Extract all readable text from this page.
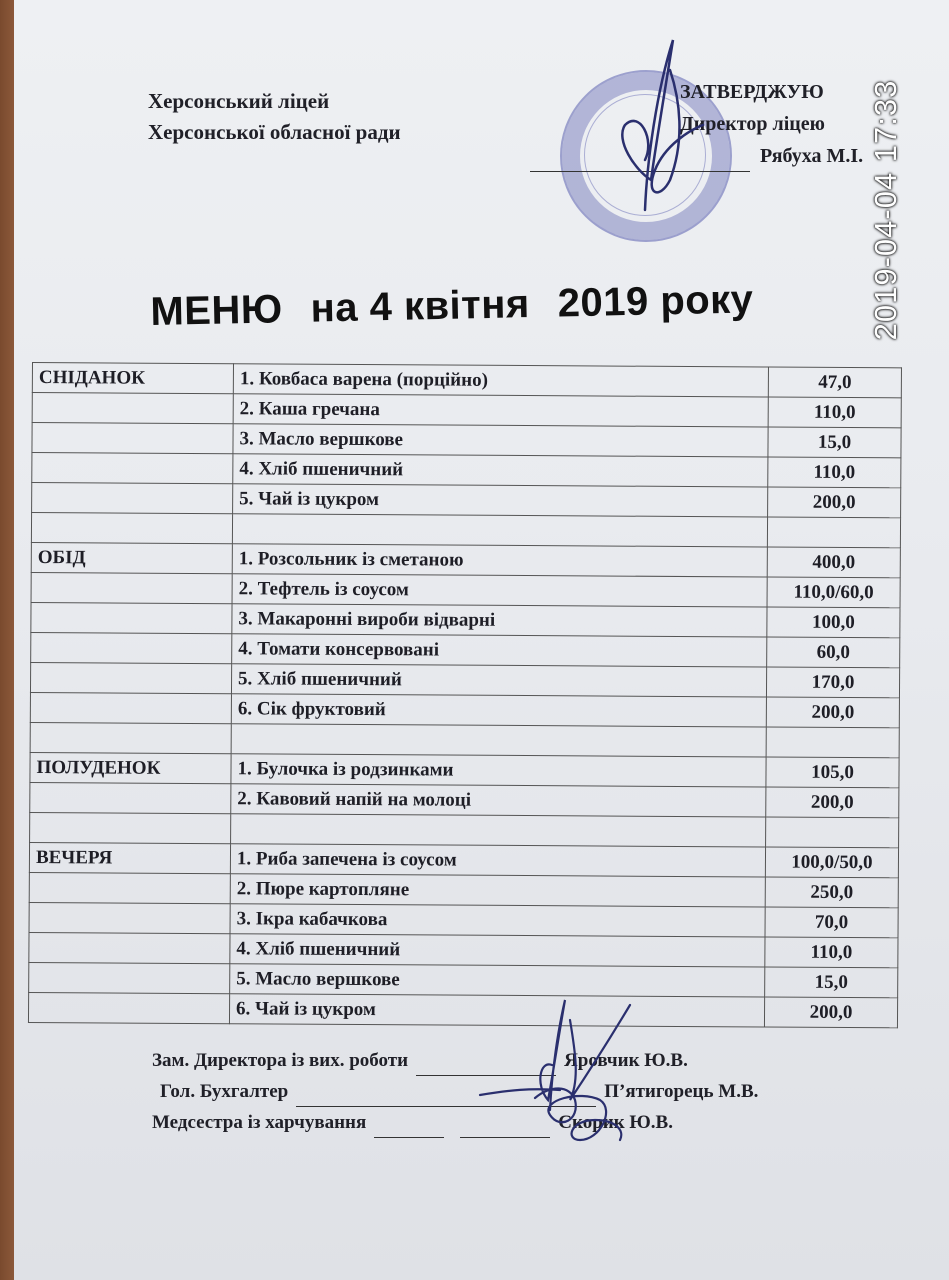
Херсонський ліцей
Херсонської обласної ради
ЗАТВЕРДЖУЮ
Директор ліцею
Рябуха М.І. 2019-04-04 17:33
МЕНЮ на 4 квітня 2019 року
СНІДАНОК	1. Ковбаса варена (порційно)	47,0
	2. Каша гречана	110,0
	3. Масло вершкове	15,0
	4. Хліб пшеничний	110,0
	5. Чай із цукром	200,0

ОБІД	1. Розсольник із сметаною	400,0
	2. Тефтель із соусом	110,0/60,0
	3. Макаронні вироби відварні	100,0
	4. Томати консервовані	60,0
	5. Хліб пшеничний	170,0
	6. Сік фруктовий	200,0

ПОЛУДЕНОК	1. Булочка із родзинками	105,0
	2. Кавовий напій на молоці	200,0

ВЕЧЕРЯ	1. Риба запечена із соусом	100,0/50,0
	2. Пюре картопляне	250,0
	3. Ікра кабачкова	70,0
	4. Хліб пшеничний	110,0
	5. Масло вершкове	15,0
	6. Чай із цукром	200,0
Зам. Директора із вих. роботи	Яровчик Ю.В.
Гол. Бухгалтер	П’ятигорець М.В.
Медсестра із харчування	Скорик Ю.В.
